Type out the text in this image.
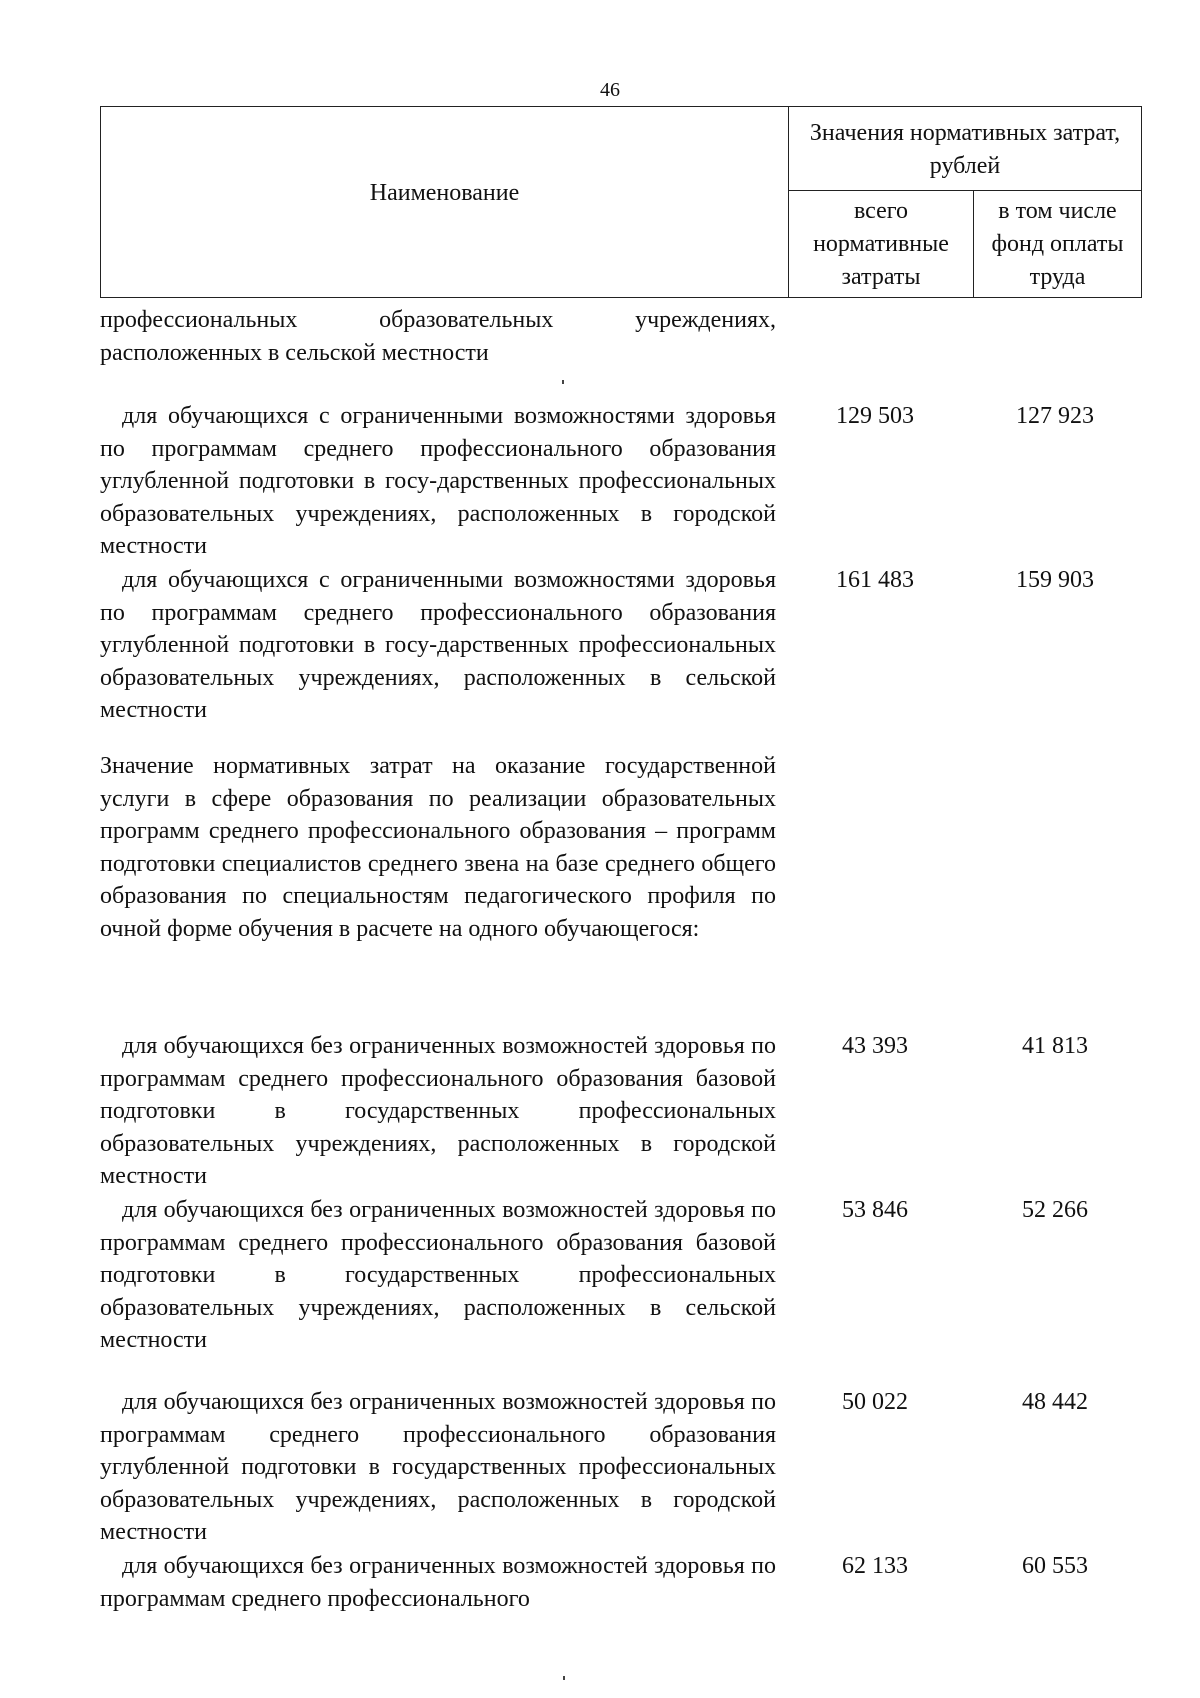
46
Наименование
Значения нормативных затрат, рублей
всего нормативные затраты
в том числе фонд оплаты труда
профессиональных образовательных учреждениях, расположенных в сельской местности
для обучающихся с ограниченными возможностями здоровья по программам среднего профессионального образования углубленной подготовки в госу-дарственных профессиональных образовательных учреждениях, расположенных в городской местности
129 503	127 923
для обучающихся с ограниченными возможностями здоровья по программам среднего профессионального образования углубленной подготовки в госу-дарственных профессиональных образовательных учреждениях, расположенных в сельской местности
161 483	159 903
Значение нормативных затрат на оказание государственной услуги в сфере образования по реализации образовательных программ среднего профессионального образования – программ подготовки специалистов среднего звена на базе среднего общего образования по специальностям педагогического профиля по очной форме обучения в расчете на одного обучающегося:
для обучающихся без ограниченных возможностей здоровья по программам среднего профессионального образования базовой подготовки в государственных профессиональных образовательных учреждениях, расположенных в городской местности
43 393	41 813
для обучающихся без ограниченных возможностей здоровья по программам среднего профессионального образования базовой подготовки в государственных профессиональных образовательных учреждениях, расположенных в сельской местности
53 846	52 266
для обучающихся без ограниченных возможностей здоровья по программам среднего профессионального образования углубленной подготовки в государственных профессиональных образовательных учреждениях, расположенных в городской местности
50 022	48 442
для обучающихся без ограниченных возможностей здоровья по программам среднего профессионального
62 133	60 553
